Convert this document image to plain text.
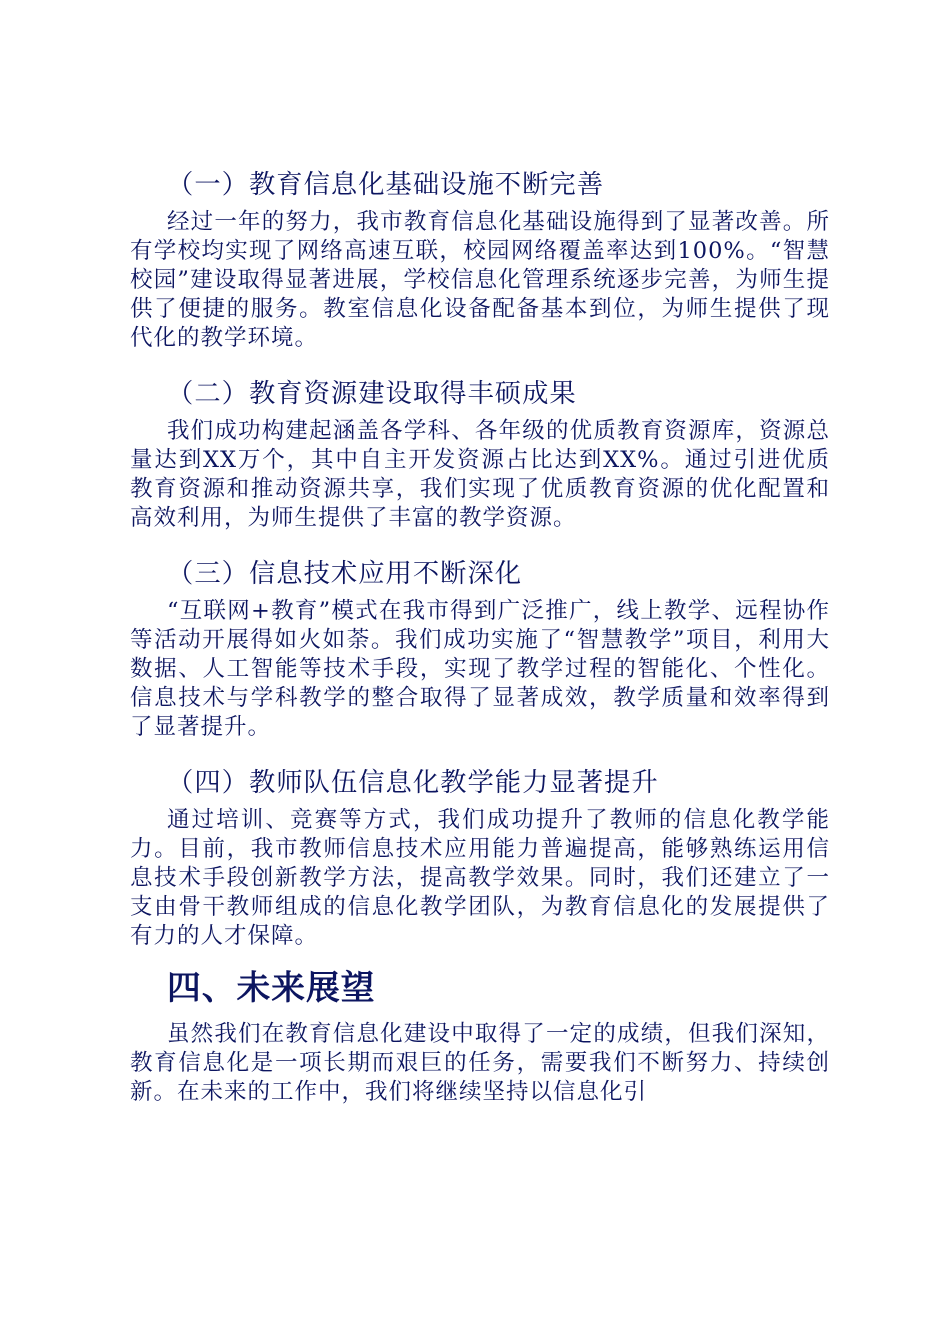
（一）教育信息化基础设施不断完善

经过一年的努力，我市教育信息化基础设施得到了显著改善。所有学校均实现了网络高速互联，校园网络覆盖率达到100%。“智慧校园”建设取得显著进展，学校信息化管理系统逐步完善，为师生提供了便捷的服务。教室信息化设备配备基本到位，为师生提供了现代化的教学环境。

（二）教育资源建设取得丰硕成果

我们成功构建起涵盖各学科、各年级的优质教育资源库，资源总量达到XX万个，其中自主开发资源占比达到XX%。通过引进优质教育资源和推动资源共享，我们实现了优质教育资源的优化配置和高效利用，为师生提供了丰富的教学资源。

（三）信息技术应用不断深化

“互联网+教育”模式在我市得到广泛推广，线上教学、远程协作等活动开展得如火如荼。我们成功实施了“智慧教学”项目，利用大数据、人工智能等技术手段，实现了教学过程的智能化、个性化。信息技术与学科教学的整合取得了显著成效，教学质量和效率得到了显著提升。

（四）教师队伍信息化教学能力显著提升

通过培训、竞赛等方式，我们成功提升了教师的信息化教学能力。目前，我市教师信息技术应用能力普遍提高，能够熟练运用信息技术手段创新教学方法，提高教学效果。同时，我们还建立了一支由骨干教师组成的信息化教学团队，为教育信息化的发展提供了有力的人才保障。

四、未来展望

虽然我们在教育信息化建设中取得了一定的成绩，但我们深知，教育信息化是一项长期而艰巨的任务，需要我们不断努力、持续创新。在未来的工作中，我们将继续坚持以信息化引
